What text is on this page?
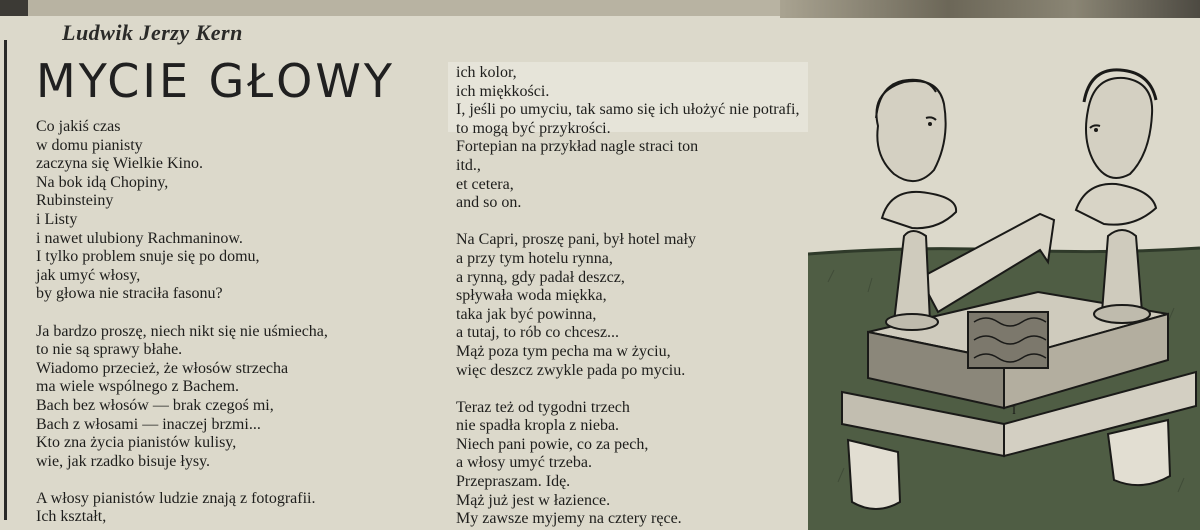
Ludwik Jerzy Kern
MYCIE GŁOWY
Co jakiś czas
w domu pianisty
zaczyna się Wielkie Kino.
Na bok idą Chopiny,
Rubinsteiny
i Listy
i nawet ulubiony Rachmaninow.
I tylko problem snuje się po domu,
jak umyć włosy,
by głowa nie straciła fasonu?
Ja bardzo proszę, niech nikt się nie uśmiecha,
to nie są sprawy błahe.
Wiadomo przecież, że włosów strzecha
ma wiele wspólnego z Bachem.
Bach bez włosów — brak czegoś mi,
Bach z włosami — inaczej brzmi...
Kto zna życia pianistów kulisy,
wie, jak rzadko bisuje łysy.
A włosy pianistów ludzie znają z fotografii.
Ich kształt,
ich kolor,
ich miękkości.
I, jeśli po umyciu, tak samo się ich ułożyć nie potrafi,
to mogą być przykrości.
Fortepian na przykład nagle straci ton
itd.,
et cetera,
and so on.
Na Capri, proszę pani, był hotel mały
a przy tym hotelu rynna,
a rynną, gdy padał deszcz,
spływała woda miękka,
taka jak być powinna,
a tutaj, to rób co chcesz...
Mąż poza tym pecha ma w życiu,
więc deszcz zwykle pada po myciu.
Teraz też od tygodni trzech
nie spadła kropla z nieba.
Niech pani powie, co za pech,
a włosy umyć trzeba.
Przepraszam. Idę.
Mąż już jest w łazience.
My zawsze myjemy na cztery ręce.
I
